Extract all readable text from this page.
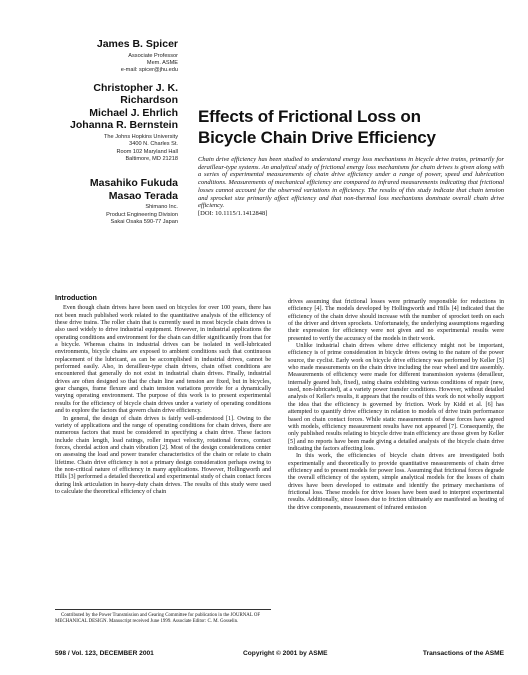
James B. Spicer
Associate Professor
Mem. ASME
e-mail: spicer@jhu.edu
Christopher J. K.
Richardson
Michael J. Ehrlich
Johanna R. Bernstein
The Johns Hopkins University
3400 N. Charles St.
Room 102 Maryland Hall
Baltimore, MD 21218
Masahiko Fukuda
Masao Terada
Shimano Inc.
Product Engineering Division
Sakai Osaka 590-77 Japan
Effects of Frictional Loss on
Bicycle Chain Drive Efficiency
Chain drive efficiency has been studied to understand energy loss mechanisms in bicycle drive trains, primarily for derailleur-type systems. An analytical study of frictional energy loss mechanisms for chain drives is given along with a series of experimental measurements of chain drive efficiency under a range of power, speed and lubrication conditions. Measurements of mechanical efficiency are compared to infrared measurements indicating that frictional losses cannot account for the observed variations in efficiency. The results of this study indicate that chain tension and sprocket size primarily affect efficiency and that non-thermal loss mechanisms dominate overall chain drive efficiency.
[DOI: 10.1115/1.1412848]
Introduction

Even though chain drives have been used on bicycles for over 100 years, there has not been much published work related to the quantitative analysis of the efficiency of these drive trains. The roller chain that is currently used in most bicycle chain drives is also used widely to drive industrial equipment. However, in industrial applications the operating conditions and environment for the chain can differ significantly from that for a bicycle. Whereas chains in industrial drives can be isolated in well-lubricated environments, bicycle chains are exposed to ambient conditions such that continuous replacement of the lubricant, as can be accomplished in industrial drives, cannot be performed easily. Also, in derailleur-type chain drives, chain offset conditions are encountered that generally do not exist in industrial chain drives. Finally, industrial drives are often designed so that the chain line and tension are fixed, but in bicycles, gear changes, frame flexure and chain tension variations provide for a dynamically varying operating environment. The purpose of this work is to present experimental results for the efficiency of bicycle chain drives under a variety of operating conditions and to explore the factors that govern chain drive efficiency.

In general, the design of chain drives is fairly well-understood [1]. Owing to the variety of applications and the range of operating conditions for chain drives, there are numerous factors that must be considered in specifying a chain drive. These factors include chain length, load ratings, roller impact velocity, rotational forces, contact forces, chordal action and chain vibration [2]. Most of the design considerations center on assessing the load and power transfer characteristics of the chain or relate to chain lifetime. Chain drive efficiency is not a primary design consideration perhaps owing to the non-critical nature of efficiency in many applications. However, Hollingworth and Hills [3] performed a detailed theoretical and experimental study of chain contact forces during link articulation in heavy-duty chain drives. The results of this study were used to calculate the theoretical efficiency of chain

Contributed by the Power Transmission and Gearing Committee for publication in the JOURNAL OF MECHANICAL DESIGN. Manuscript received June 1999. Associate Editor: C. M. Gosselin.

drives assuming that frictional losses were primarily responsible for reductions in efficiency [4]. The models developed by Hollingworth and Hills [4] indicated that the efficiency of the chain drive should increase with the number of sprocket teeth on each of the driver and driven sprockets. Unfortunately, the underlying assumptions regarding their expression for efficiency were not given and no experimental results were presented to verify the accuracy of the models in their work.

Unlike industrial chain drives where drive efficiency might not be important, efficiency is of prime consideration in bicycle drives owing to the nature of the power source, the cyclist. Early work on bicycle drive efficiency was performed by Keller [5] who made measurements on the chain drive including the rear wheel and tire assembly. Measurements of efficiency were made for different transmission systems (derailleur, internally geared hub, fixed), using chains exhibiting various conditions of repair (new, used, non-lubricated), at a variety power transfer conditions. However, without detailed analysis of Keller's results, it appears that the results of this work do not wholly support the idea that the efficiency is governed by friction. Work by Kidd et al. [6] has attempted to quantify drive efficiency in relation to models of drive train performance based on chain contact forces. While static measurements of these forces have agreed with models, efficiency measurement results have not appeared [7]. Consequently, the only published results relating to bicycle drive train efficiency are those given by Keller [5] and no reports have been made giving a detailed analysis of the bicycle chain drive indicating the factors affecting loss.

In this work, the efficiencies of bicycle chain drives are investigated both experimentally and theoretically to provide quantitative measurements of chain drive efficiency and to present models for power loss. Assuming that frictional forces degrade the overall efficiency of the system, simple analytical models for the losses of chain drives have been developed to estimate and identify the primary mechanisms of frictional loss. These models for drive losses have been used to interpret experimental results. Additionally, since losses due to friction ultimately are manifested as heating of the drive components, measurement of infrared emission

598 / Vol. 123, DECEMBER 2001	Copyright © 2001 by ASME	Transactions of the ASME
